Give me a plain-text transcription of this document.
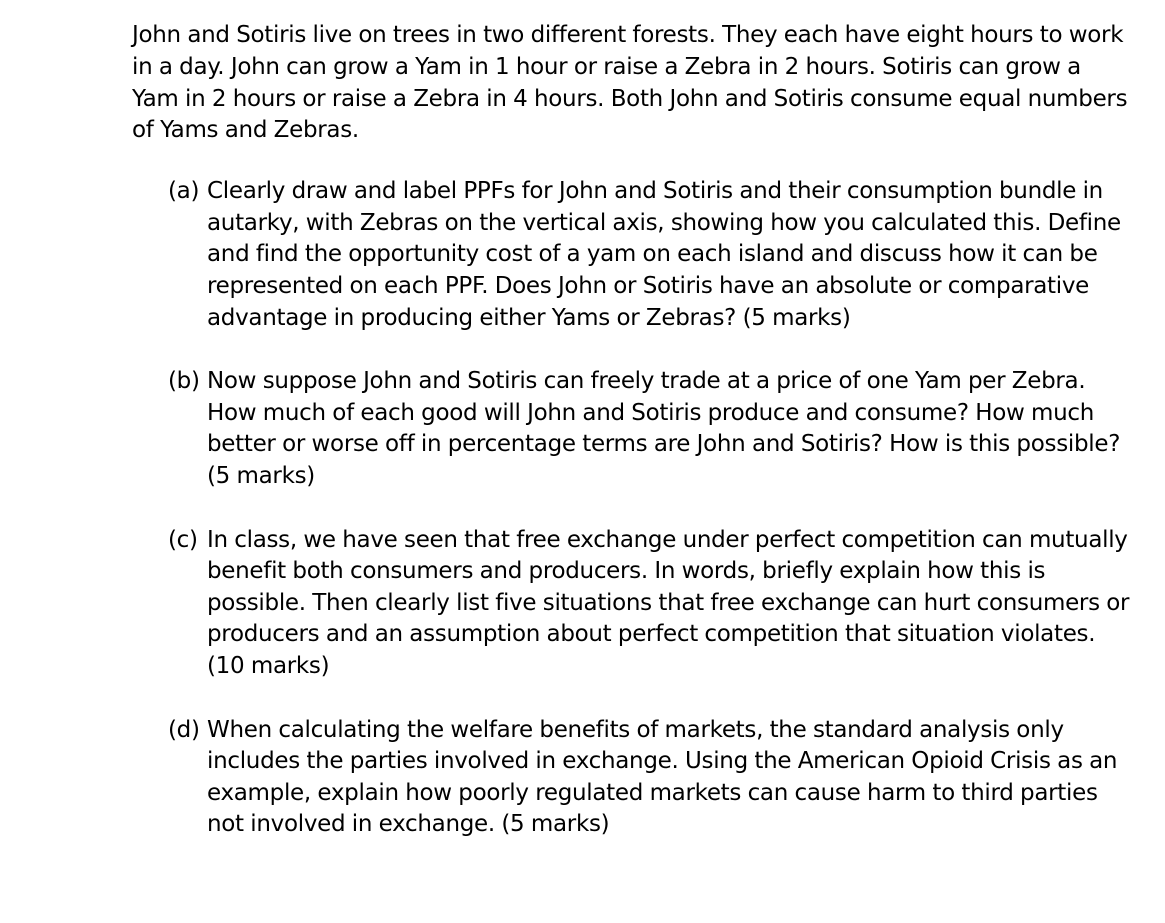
John and Sotiris live on trees in two different forests. They each have eight hours to work in a day. John can grow a Yam in 1 hour or raise a Zebra in 2 hours. Sotiris can grow a Yam in 2 hours or raise a Zebra in 4 hours. Both John and Sotiris consume equal numbers of Yams and Zebras.

(a) Clearly draw and label PPFs for John and Sotiris and their consumption bundle in autarky, with Zebras on the vertical axis, showing how you calculated this. Define and find the opportunity cost of a yam on each island and discuss how it can be represented on each PPF. Does John or Sotiris have an absolute or comparative advantage in producing either Yams or Zebras? (5 marks)
(b) Now suppose John and Sotiris can freely trade at a price of one Yam per Zebra. How much of each good will John and Sotiris produce and consume? How much better or worse off in percentage terms are John and Sotiris? How is this possible? (5 marks)
(c) In class, we have seen that free exchange under perfect competition can mutually benefit both consumers and producers. In words, briefly explain how this is possible. Then clearly list five situations that free exchange can hurt consumers or producers and an assumption about perfect competition that situation violates. (10 marks)
(d) When calculating the welfare benefits of markets, the standard analysis only includes the parties involved in exchange. Using the American Opioid Crisis as an example, explain how poorly regulated markets can cause harm to third parties not involved in exchange. (5 marks)
